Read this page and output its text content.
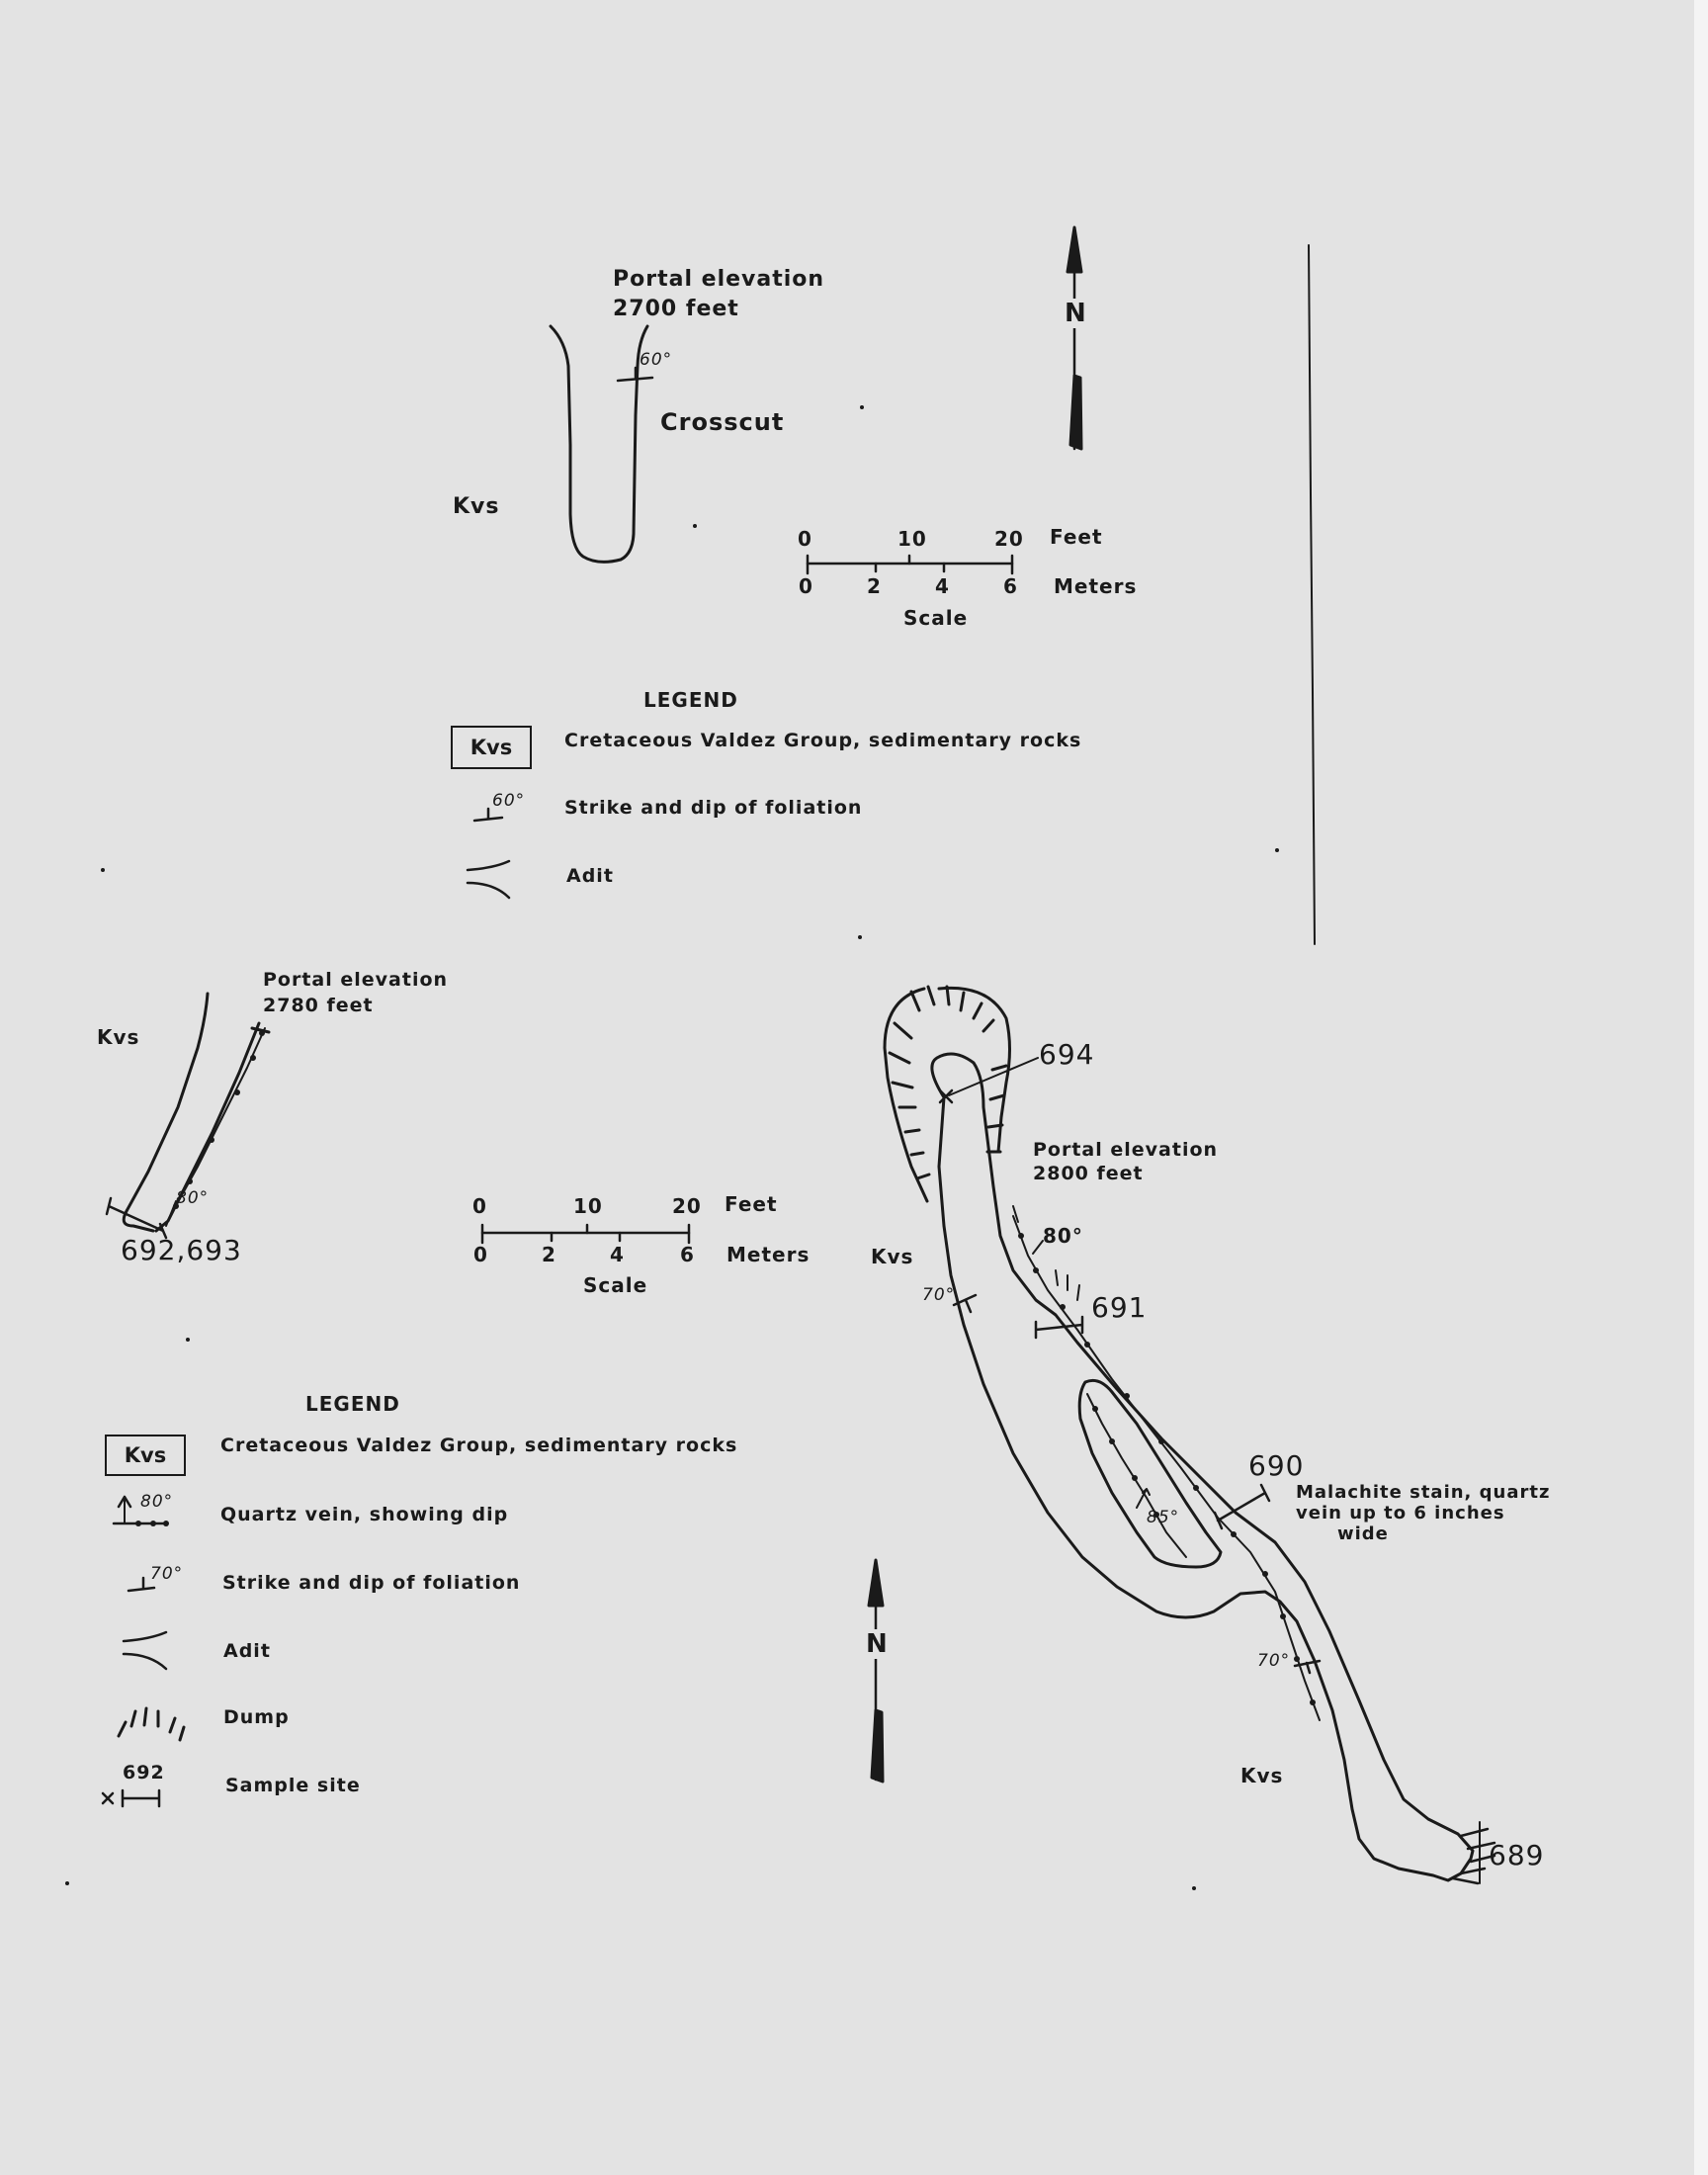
Portal elevation
2700 feet
60°
Crosscut
Kvs
N
0	10	20 Feet
0	2	4	6 Meters
Scale
LEGEND
Kvs	Cretaceous Valdez Group, sedimentary rocks
60° Strike and dip of foliation
Adit
Portal elevation
2780 feet
Kvs
80°
692,693
0	10	20 Feet
0	2	4	6 Meters
Scale
LEGEND
Kvs	Cretaceous Valdez Group, sedimentary rocks
80°
Quartz vein, showing dip
70° Strike and dip of foliation
Adit
Dump
692
Sample site
694
Portal elevation
2800 feet
80°
Kvs
70°	691
690
Malachite stain, quartz
vein up to 6 inches
wide
85°
70°
Kvs
689
N
